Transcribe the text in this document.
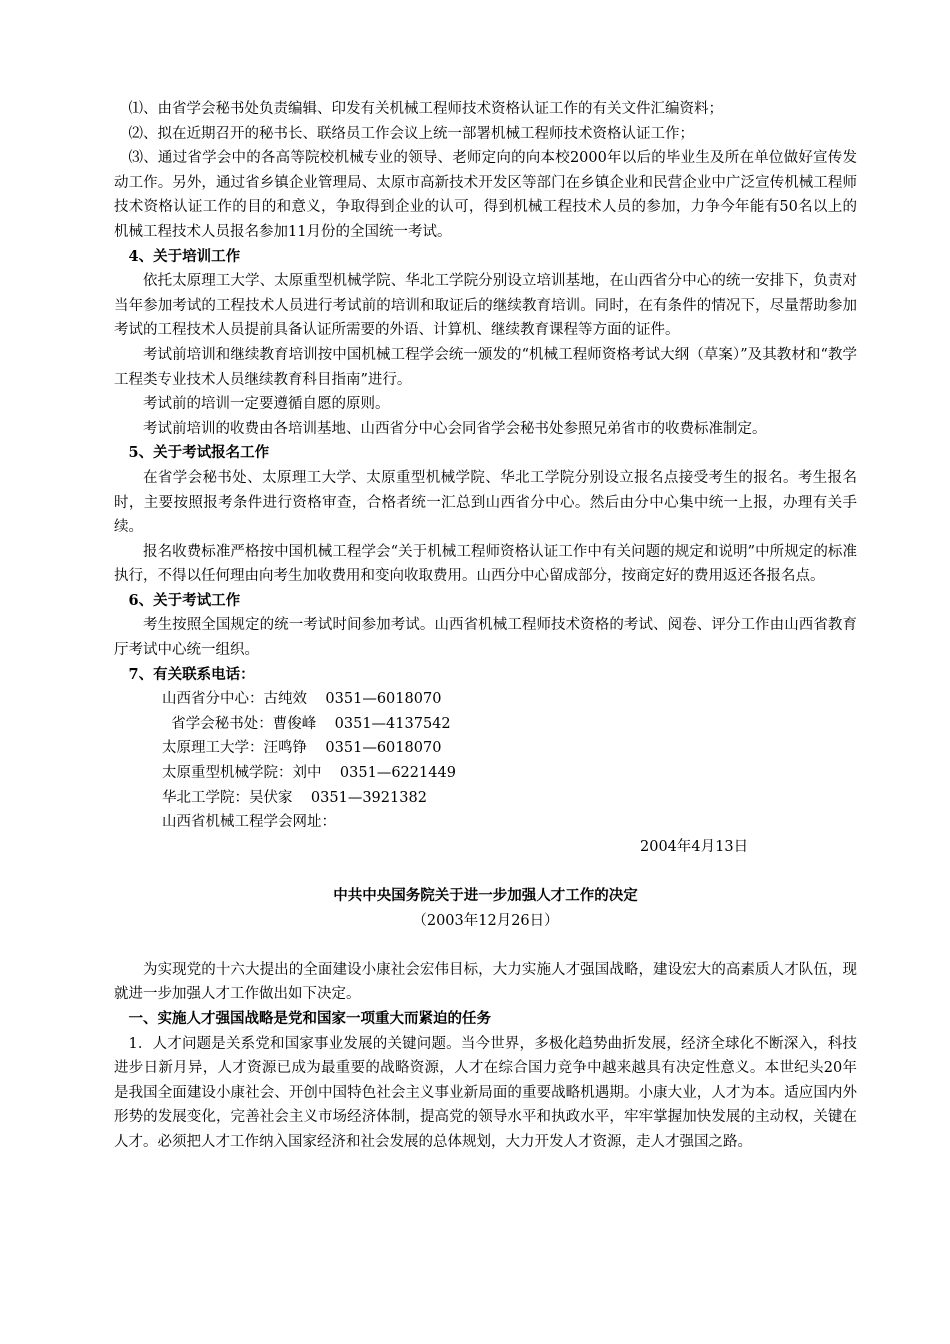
⑴、由省学会秘书处负责编辑、印发有关机械工程师技术资格认证工作的有关文件汇编资料；

⑵、拟在近期召开的秘书长、联络员工作会议上统一部署机械工程师技术资格认证工作；

⑶、通过省学会中的各高等院校机械专业的领导、老师定向的向本校2000年以后的毕业生及所在单位做好宣传发动工作。另外，通过省乡镇企业管理局、太原市高新技术开发区等部门在乡镇企业和民营企业中广泛宣传机械工程师技术资格认证工作的目的和意义，争取得到企业的认可，得到机械工程技术人员的参加，力争今年能有50名以上的机械工程技术人员报名参加11月份的全国统一考试。

4、关于培训工作

依托太原理工大学、太原重型机械学院、华北工学院分别设立培训基地，在山西省分中心的统一安排下，负责对当年参加考试的工程技术人员进行考试前的培训和取证后的继续教育培训。同时，在有条件的情况下，尽量帮助参加考试的工程技术人员提前具备认证所需要的外语、计算机、继续教育课程等方面的证件。

考试前培训和继续教育培训按中国机械工程学会统一颁发的“机械工程师资格考试大纲（草案）”及其教材和“教学工程类专业技术人员继续教育科目指南”进行。

考试前的培训一定要遵循自愿的原则。

考试前培训的收费由各培训基地、山西省分中心会同省学会秘书处参照兄弟省市的收费标准制定。

5、关于考试报名工作

在省学会秘书处、太原理工大学、太原重型机械学院、华北工学院分别设立报名点接受考生的报名。考生报名时，主要按照报考条件进行资格审查，合格者统一汇总到山西省分中心。然后由分中心集中统一上报，办理有关手续。

报名收费标准严格按中国机械工程学会“关于机械工程师资格认证工作中有关问题的规定和说明”中所规定的标准执行，不得以任何理由向考生加收费用和变向收取费用。山西分中心留成部分，按商定好的费用返还各报名点。

6、关于考试工作

考生按照全国规定的统一考试时间参加考试。山西省机械工程师技术资格的考试、阅卷、评分工作由山西省教育厅考试中心统一组织。

7、有关联系电话：

山西省分中心：古纯效    0351—6018070

省学会秘书处：曹俊峰    0351—4137542

太原理工大学：汪鸣铮    0351—6018070

太原重型机械学院：刘中    0351—6221449

华北工学院：吴伏家    0351—3921382

山西省机械工程学会网址：

2004年4月13日

中共中央国务院关于进一步加强人才工作的决定

（2003年12月26日）

为实现党的十六大提出的全面建设小康社会宏伟目标，大力实施人才强国战略，建设宏大的高素质人才队伍，现就进一步加强人才工作做出如下决定。

一、实施人才强国战略是党和国家一项重大而紧迫的任务

1．人才问题是关系党和国家事业发展的关键问题。当今世界，多极化趋势曲折发展，经济全球化不断深入，科技进步日新月异，人才资源已成为最重要的战略资源，人才在综合国力竞争中越来越具有决定性意义。本世纪头20年是我国全面建设小康社会、开创中国特色社会主义事业新局面的重要战略机遇期。小康大业，人才为本。适应国内外形势的发展变化，完善社会主义市场经济体制，提高党的领导水平和执政水平，牢牢掌握加快发展的主动权，关键在人才。必须把人才工作纳入国家经济和社会发展的总体规划，大力开发人才资源，走人才强国之路。
